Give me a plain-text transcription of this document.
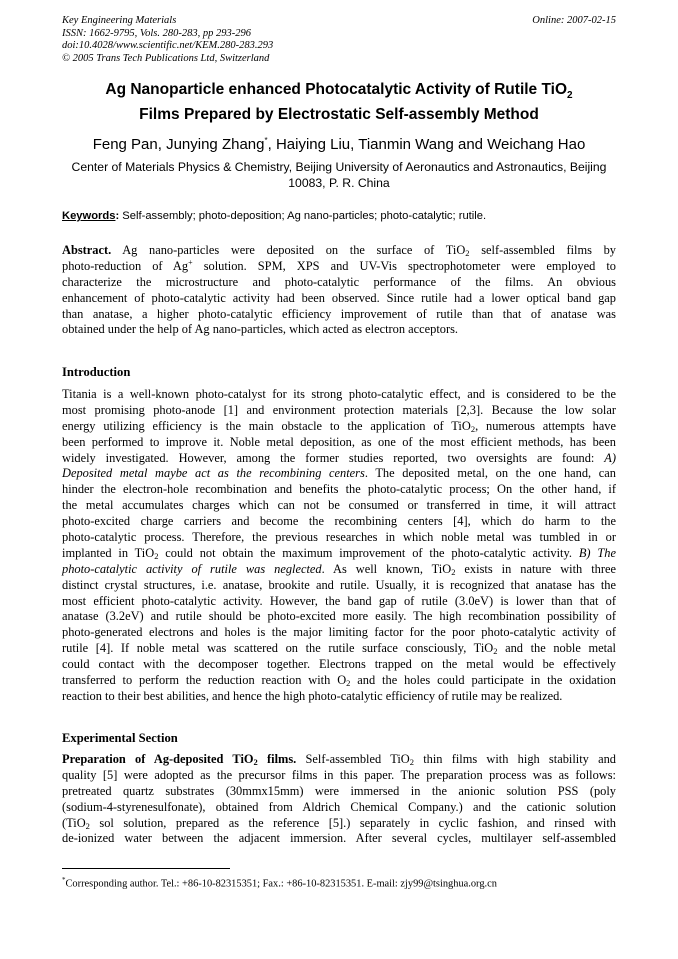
Key Engineering Materials
ISSN: 1662-9795, Vols. 280-283, pp 293-296
doi:10.4028/www.scientific.net/KEM.280-283.293
© 2005 Trans Tech Publications Ltd, Switzerland
Online: 2007-02-15
Ag Nanoparticle enhanced Photocatalytic Activity of Rutile TiO$_2$
Films Prepared by Electrostatic Self-assembly Method
Feng Pan, Junying Zhang*, Haiying Liu, Tianmin Wang and Weichang Hao
Center of Materials Physics & Chemistry, Beijing University of Aeronautics and Astronautics, Beijing
10083, P. R. China
Keywords: Self-assembly; photo-deposition; Ag nano-particles; photo-catalytic; rutile.
Abstract. Ag nano-particles were deposited on the surface of TiO$_2$ self-assembled films by
photo-reduction of Ag+ solution. SPM, XPS and UV-Vis spectrophotometer were employed to
characterize the microstructure and photo-catalytic performance of the films. An obvious
enhancement of photo-catalytic activity had been observed. Since rutile had a lower optical band gap
than anatase, a higher photo-catalytic efficiency improvement of rutile than that of anatase was
obtained under the help of Ag nano-particles, which acted as electron acceptors.
Introduction
Titania is a well-known photo-catalyst for its strong photo-catalytic effect, and is considered to be the
most promising photo-anode [1] and environment protection materials [2,3]. Because the low solar
energy utilizing efficiency is the main obstacle to the application of TiO$_2$, numerous attempts have
been performed to improve it. Noble metal deposition, as one of the most efficient methods, has been
widely investigated. However, among the former studies reported, two oversights are found: A)
Deposited metal maybe act as the recombining centers. The deposited metal, on the one hand, can
hinder the electron-hole recombination and benefits the photo-catalytic process; On the other hand, if
the metal accumulates charges which can not be consumed or transferred in time, it will attract
photo-excited charge carriers and become the recombining centers [4], which do harm to the
photo-catalytic process. Therefore, the previous researches in which noble metal was tumbled in or
implanted in TiO$_2$ could not obtain the maximum improvement of the photo-catalytic activity. B) The
photo-catalytic activity of rutile was neglected. As well known, TiO$_2$ exists in nature with three
distinct crystal structures, i.e. anatase, brookite and rutile. Usually, it is recognized that anatase has the
most efficient photo-catalytic activity. However, the band gap of rutile (3.0eV) is lower than that of
anatase (3.2eV) and rutile should be photo-excited more easily. The high recombination possibility of
photo-generated electrons and holes is the major limiting factor for the poor photo-catalytic activity of
rutile [4]. If noble metal was scattered on the rutile surface consciously, TiO$_2$ and the noble metal
could contact with the decomposer together. Electrons trapped on the metal would be effectively
transferred to perform the reduction reaction with $O_2$ and the holes could participate in the oxidation
reaction to their best abilities, and hence the high photo-catalytic efficiency of rutile may be realized.
Experimental Section
Preparation of Ag-deposited TiO$_2$ films. Self-assembled TiO$_2$ thin films with high stability and
quality [5] were adopted as the precursor films in this paper. The preparation process was as follows:
pretreated quartz substrates (30mmx15mm) were immersed in the anionic solution PSS (poly
(sodium-4-styrenesulfonate), obtained from Aldrich Chemical Company.) and the cationic solution
(TiO$_2$ sol solution, prepared as the reference [5].) separately in cyclic fashion, and rinsed with
de-ionized water between the adjacent immersion. After several cycles, multilayer self-assembled
*Corresponding author. Tel.: +86-10-82315351; Fax.: +86-10-82315351. E-mail: zjy99@tsinghua.org.cn
